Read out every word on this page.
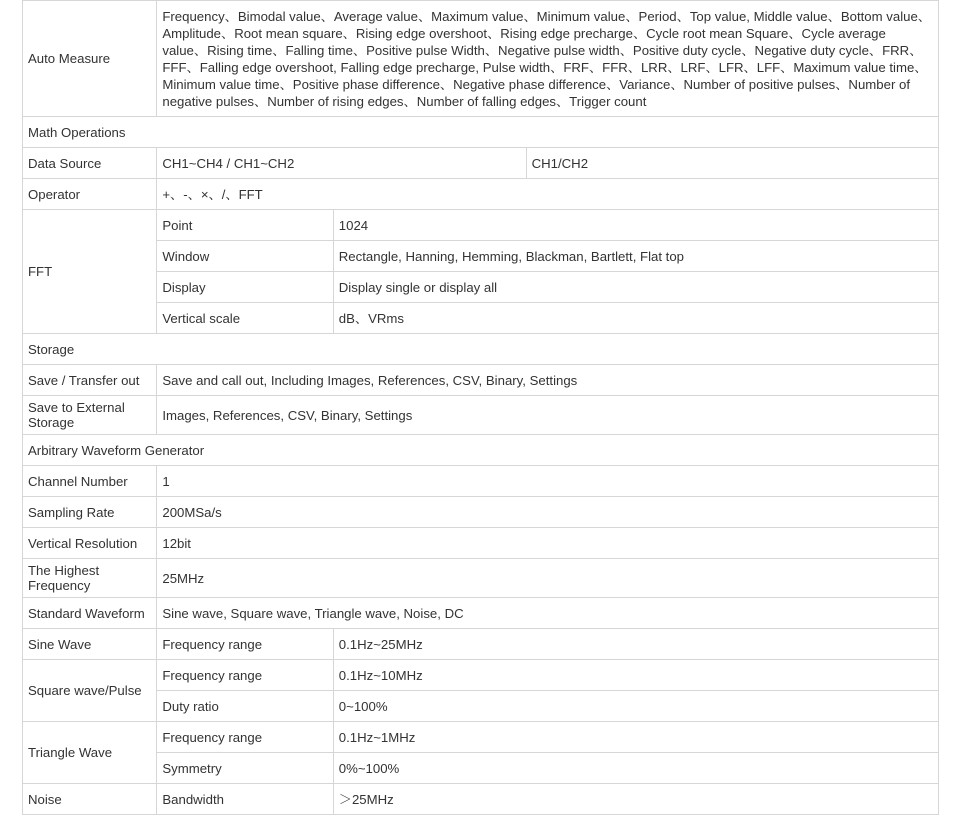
Auto Measure	Frequency、Bimodal value、Average value、Maximum value、Minimum value、Period、Top value, Middle value、Bottom value、Amplitude、Root mean square、Rising edge overshoot、Rising edge precharge、Cycle root mean Square、Cycle average value、Rising time、Falling time、Positive pulse Width、Negative pulse width、Positive duty cycle、Negative duty cycle、FRR、FFF、Falling edge overshoot, Falling edge precharge, Pulse width、FRF、FFR、LRR、LRF、LFR、LFF、Maximum value time、Minimum value time、Positive phase difference、Negative phase difference、Variance、Number of positive pulses、Number of negative pulses、Number of rising edges、Number of falling edges、Trigger count		
Math Operations			
Data Source	CH1~CH4 / CH1~CH2		CH1/CH2
Operator	+、-、×、/、FFT		
FFT	Point	1024	
	Window	Rectangle, Hanning, Hemming, Blackman, Bartlett, Flat top	
	Display	Display single or display all	
	Vertical scale	dB、VRms	
Storage			
Save / Transfer out	Save and call out, Including Images, References, CSV, Binary, Settings		
Save to External Storage	Images, References, CSV, Binary, Settings		
Arbitrary Waveform Generator			
Channel Number	1		
Sampling Rate	200MSa/s		
Vertical Resolution	12bit		
The Highest Frequency	25MHz		
Standard Waveform	Sine wave, Square wave, Triangle wave, Noise, DC		
Sine Wave	Frequency range	0.1Hz~25MHz	
Square wave/Pulse	Frequency range	0.1Hz~10MHz	
	Duty ratio	0~100%	
Triangle Wave	Frequency range	0.1Hz~1MHz	
	Symmetry	0%~100%	
Noise	Bandwidth	＞25MHz	
